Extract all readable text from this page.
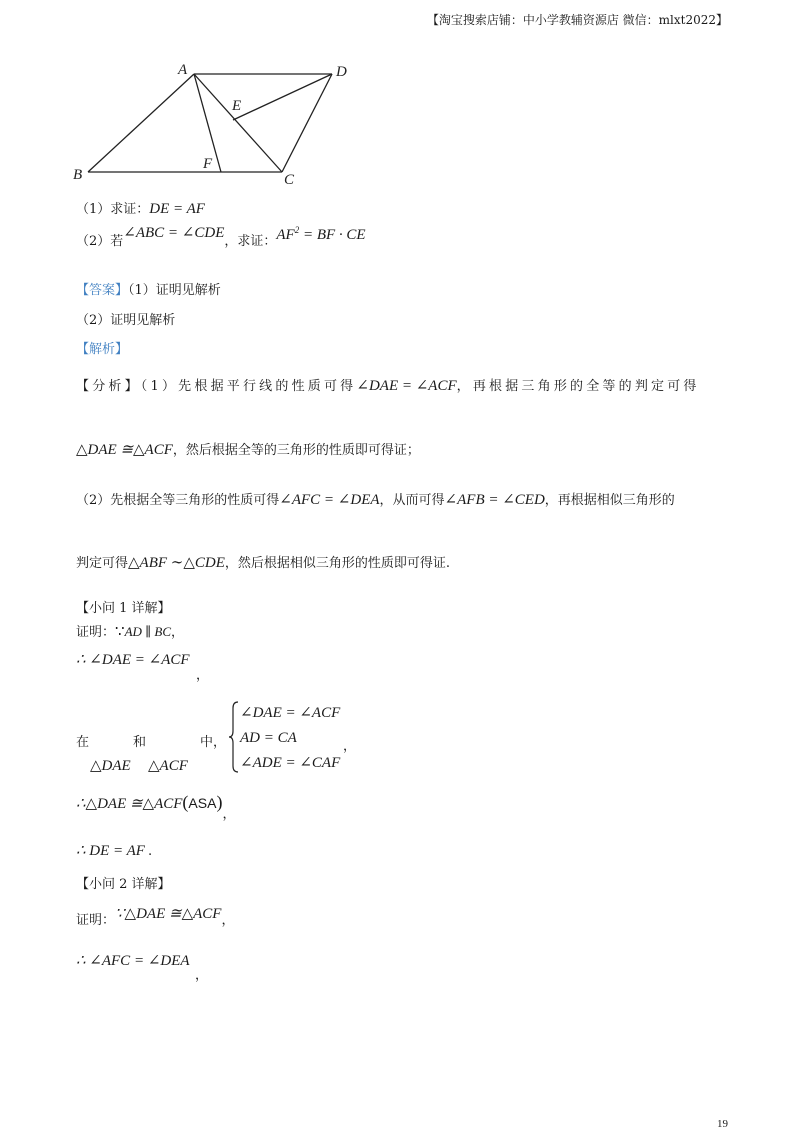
【淘宝搜索店铺：中小学教辅资源店 微信：mlxt2022】
A	D
E
F
B	C
（1）求证：DE = AF
（2）若∠ABC = ∠CDE，求证：$AF^2$ = BF · CE
【答案】（1）证明见解析
（2）证明见解析
【解析】
【分析】（1）先根据平行线的性质可得∠DAE = ∠ACF，再根据三角形的全等的判定可得
△DAE ≅△ACF，然后根据全等的三角形的性质即可得证；
（2）先根据全等三角形的性质可得∠AFC = ∠DEA，从而可得∠AFB = ∠CED，再根据相似三角形的
判定可得△ABF ∼△CDE，然后根据相似三角形的性质即可得证.
【小问 1 详解】
证明：∵AD ∥ BC，
∴ ∠DAE = ∠ACF
，
在	和	中，
△DAE △ACF
∠DAE = ∠ACF
AD = CA
∠ADE = ∠CAF
，
∴△DAE ≅△ACF(ASA)，
∴ DE = AF .
【小问 2 详解】
证明：∵△DAE ≅△ACF，
∴ ∠AFC = ∠DEA
，
19
